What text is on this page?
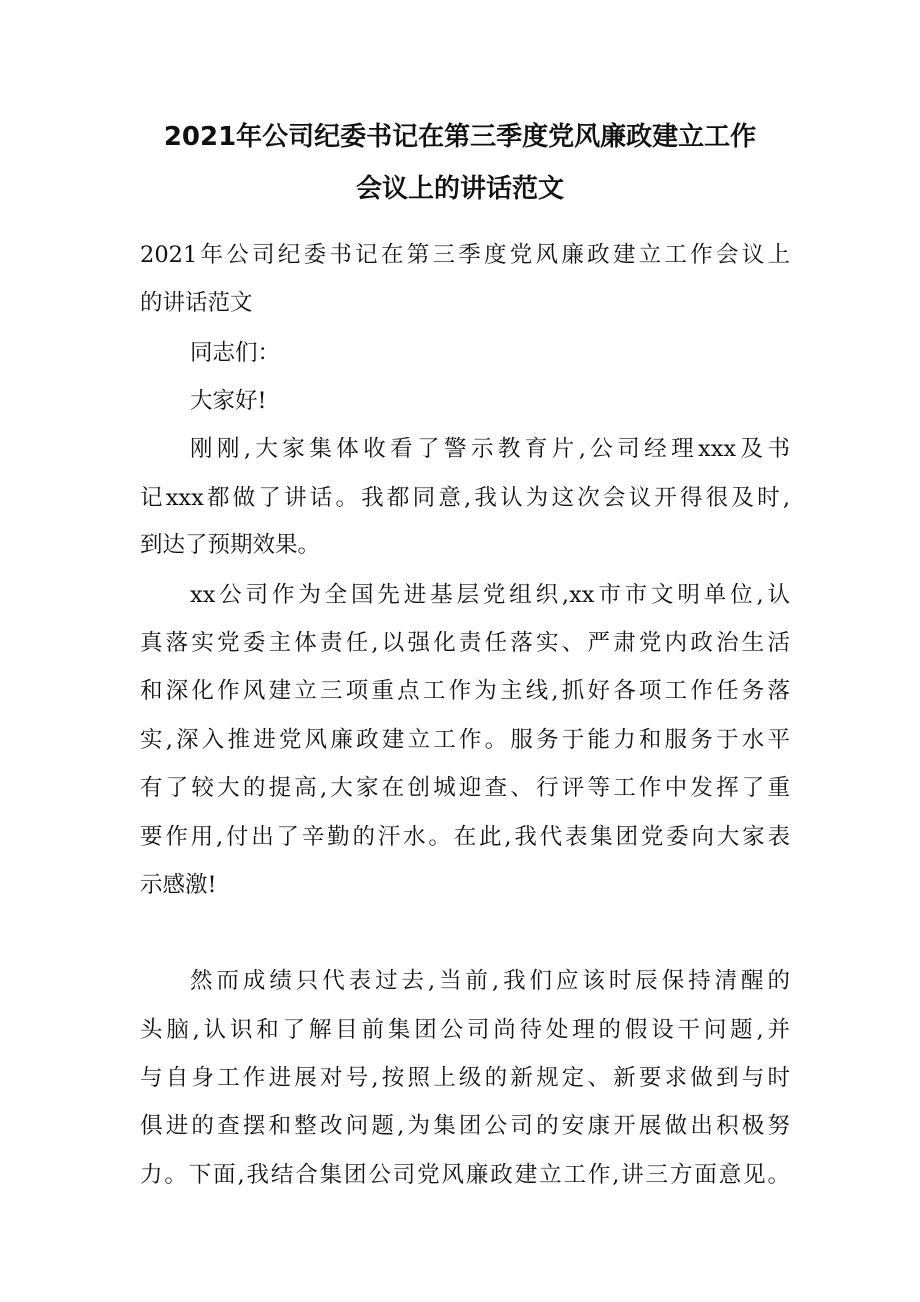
2021年公司纪委书记在第三季度党风廉政建立工作
会议上的讲话范文

2021年公司纪委书记在第三季度党风廉政建立工作会议上

的讲话范文

同志们：

大家好!

刚刚,大家集体收看了警示教育片,公司经理xxx及书

记xxx都做了讲话。我都同意,我认为这次会议开得很及时,

到达了预期效果。

xx公司作为全国先进基层党组织,xx市市文明单位,认

真落实党委主体责任,以强化责任落实、严肃党内政治生活

和深化作风建立三项重点工作为主线,抓好各项工作任务落

实,深入推进党风廉政建立工作。服务于能力和服务于水平

有了较大的提高,大家在创城迎查、行评等工作中发挥了重

要作用,付出了辛勤的汗水。在此,我代表集团党委向大家表

示感激!

然而成绩只代表过去,当前,我们应该时辰保持清醒的

头脑,认识和了解目前集团公司尚待处理的假设干问题,并

与自身工作进展对号,按照上级的新规定、新要求做到与时

俱进的查摆和整改问题,为集团公司的安康开展做出积极努

力。下面,我结合集团公司党风廉政建立工作,讲三方面意见。
